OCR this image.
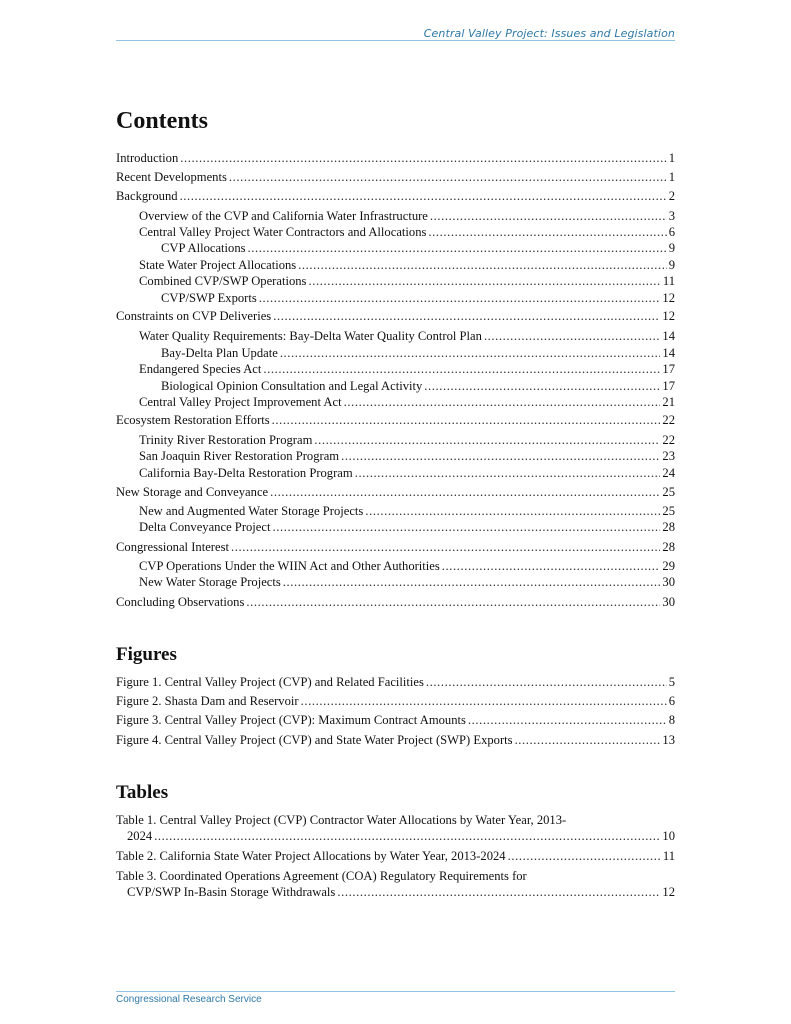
Central Valley Project: Issues and Legislation
Contents
Introduction .....	1
Recent Developments .....	1
Background .....	2
Overview of the CVP and California Water Infrastructure .....	3
Central Valley Project Water Contractors and Allocations .....	6
CVP Allocations .....	9
State Water Project Allocations .....	9
Combined CVP/SWP Operations .....	11
CVP/SWP Exports .....	12
Constraints on CVP Deliveries .....	12
Water Quality Requirements: Bay-Delta Water Quality Control Plan .....	14
Bay-Delta Plan Update .....	14
Endangered Species Act .....	17
Biological Opinion Consultation and Legal Activity .....	17
Central Valley Project Improvement Act .....	21
Ecosystem Restoration Efforts .....	22
Trinity River Restoration Program .....	22
San Joaquin River Restoration Program .....	23
California Bay-Delta Restoration Program .....	24
New Storage and Conveyance .....	25
New and Augmented Water Storage Projects .....	25
Delta Conveyance Project .....	28
Congressional Interest .....	28
CVP Operations Under the WIIN Act and Other Authorities .....	29
New Water Storage Projects .....	30
Concluding Observations .....	30
Figures
Figure 1. Central Valley Project (CVP) and Related Facilities .....	5
Figure 2. Shasta Dam and Reservoir .....	6
Figure 3. Central Valley Project (CVP): Maximum Contract Amounts .....	8
Figure 4. Central Valley Project (CVP) and State Water Project (SWP) Exports .....	13
Tables
Table 1. Central Valley Project (CVP) Contractor Water Allocations by Water Year, 2013-
2024 .....	10
Table 2. California State Water Project Allocations by Water Year, 2013-2024 .....	11
Table 3. Coordinated Operations Agreement (COA) Regulatory Requirements for
CVP/SWP In-Basin Storage Withdrawals .....	12
Congressional Research Service
